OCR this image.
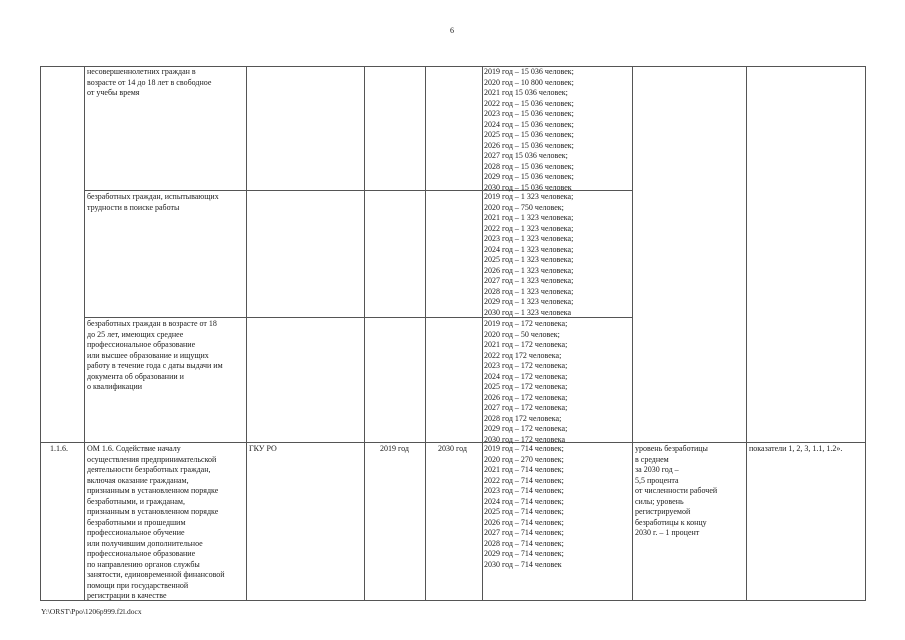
6
несовершеннолетних граждан в
возрасте от 14 до 18 лет в свободное
от учебы время
2019 год – 15 036 человек;
2020 год – 10 800 человек;
2021 год 15 036 человек;
2022 год – 15 036 человек;
2023 год – 15 036 человек;
2024 год – 15 036 человек;
2025 год – 15 036 человек;
2026 год – 15 036 человек;
2027 год 15 036 человек;
2028 год – 15 036 человек;
2029 год – 15 036 человек;
2030 год – 15 036 человек
безработных граждан, испытывающих
трудности в поиске работы
2019 год – 1 323 человека;
2020 год – 750 человек;
2021 год – 1 323 человека;
2022 год – 1 323 человека;
2023 год – 1 323 человека;
2024 год – 1 323 человека;
2025 год – 1 323 человека;
2026 год – 1 323 человека;
2027 год – 1 323 человека;
2028 год – 1 323 человека;
2029 год – 1 323 человека;
2030 год – 1 323 человека
безработных граждан в возрасте от 18
до 25 лет, имеющих среднее
профессиональное образование
или высшее образование и ищущих
работу в течение года с даты выдачи им
документа об образовании и
о квалификации
2019 год – 172 человека;
2020 год – 50 человек;
2021 год – 172 человека;
2022 год 172 человека;
2023 год – 172 человека;
2024 год – 172 человека;
2025 год – 172 человека;
2026 год – 172 человека;
2027 год – 172 человека;
2028 год 172 человека;
2029 год – 172 человека;
2030 год – 172 человека
1.1.6. ОМ 1.6. Содействие началу
осуществления предпринимательской
деятельности безработных граждан,
включая оказание гражданам,
признанным в установленном порядке
безработными, и гражданам,
признанным в установленном порядке
безработными и прошедшим
профессиональное обучение
или получившим дополнительное
профессиональное образование
по направлению органов службы
занятости, единовременной финансовой
помощи при государственной
регистрации в качестве
ГКУ РО	2019 год	2030 год 2019 год – 714 человек;
2020 год – 270 человек;
2021 год – 714 человек;
2022 год – 714 человек;
2023 год – 714 человек;
2024 год – 714 человек;
2025 год – 714 человек;
2026 год – 714 человек;
2027 год – 714 человек;
2028 год – 714 человек;
2029 год – 714 человек;
2030 год – 714 человек
уровень безработицы
в среднем
за 2030 год –
5,5 процента
от численности рабочей
силы; уровень
регистрируемой
безработицы к концу
2030 г. – 1 процент
показатели 1, 2, 3, 1.1, 1.2».
Y:\ORST\Ppo\1206p999.f2l.docx
